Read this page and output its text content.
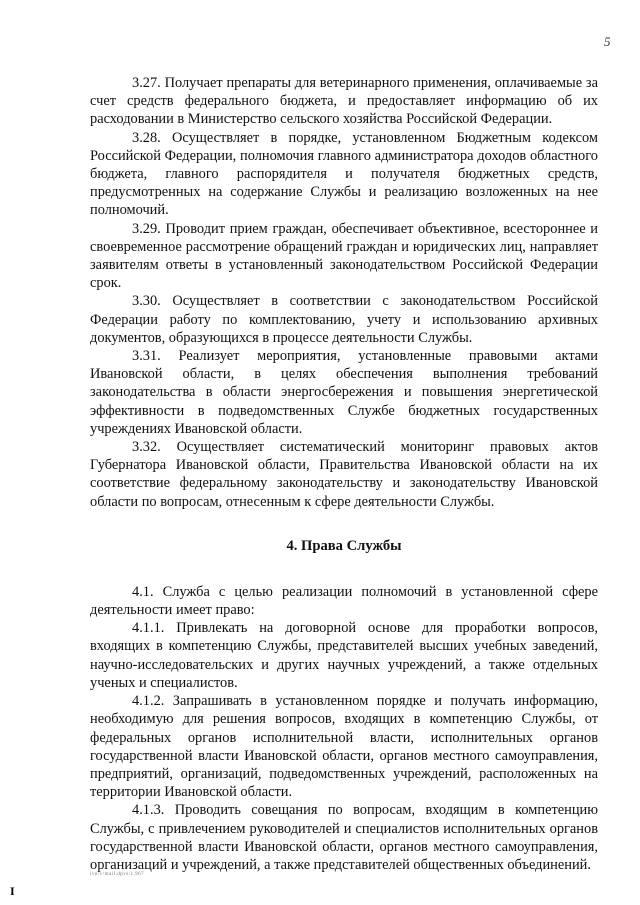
5

3.27. Получает препараты для ветеринарного применения, оплачиваемые за счет средств федерального бюджета, и предоставляет информацию об их расходовании в Министерство сельского хозяйства Российской Федерации.

3.28. Осуществляет в порядке, установленном Бюджетным кодексом Российской Федерации, полномочия главного администратора доходов областного бюджета, главного распорядителя и получателя бюджетных средств, предусмотренных на содержание Службы и реализацию возложенных на нее полномочий.

3.29. Проводит прием граждан, обеспечивает объективное, всестороннее и своевременное рассмотрение обращений граждан и юридических лиц, направляет заявителям ответы в установленный законодательством Российской Федерации срок.

3.30. Осуществляет в соответствии с законодательством Российской Федерации работу по комплектованию, учету и использованию архивных документов, образующихся в процессе деятельности Службы.

3.31. Реализует мероприятия, установленные правовыми актами Ивановской области, в целях обеспечения выполнения требований законодательства в области энергосбережения и повышения энергетической эффективности в подведомственных Службе бюджетных государственных учреждениях Ивановской области.

3.32. Осуществляет систематический мониторинг правовых актов Губернатора Ивановской области, Правительства Ивановской области на их соответствие федеральному законодательству и законодательству Ивановской области по вопросам, отнесенным к сфере деятельности Службы.

4. Права Службы

4.1. Служба с целью реализации полномочий в установленной сфере деятельности имеет право:

4.1.1. Привлекать на договорной основе для проработки вопросов, входящих в компетенцию Службы, представителей высших учебных заведений, научно-исследовательских и других научных учреждений, а также отдельных ученых и специалистов.

4.1.2. Запрашивать в установленном порядке и получать информацию, необходимую для решения вопросов, входящих в компетенцию Службы, от федеральных органов исполнительной власти, исполнительных органов государственной власти Ивановской области, органов местного самоуправления, предприятий, организаций, подведомственных учреждений, расположенных на территории Ивановской области.

4.1.3. Проводить совещания по вопросам, входящим в компетенцию Службы, с привлечением руководителей и специалистов исполнительных органов государственной власти Ивановской области, органов местного самоуправления, организаций и учреждений, а также представителей общественных объединений.

ivn/v/mail.dpvs/c.967
I
